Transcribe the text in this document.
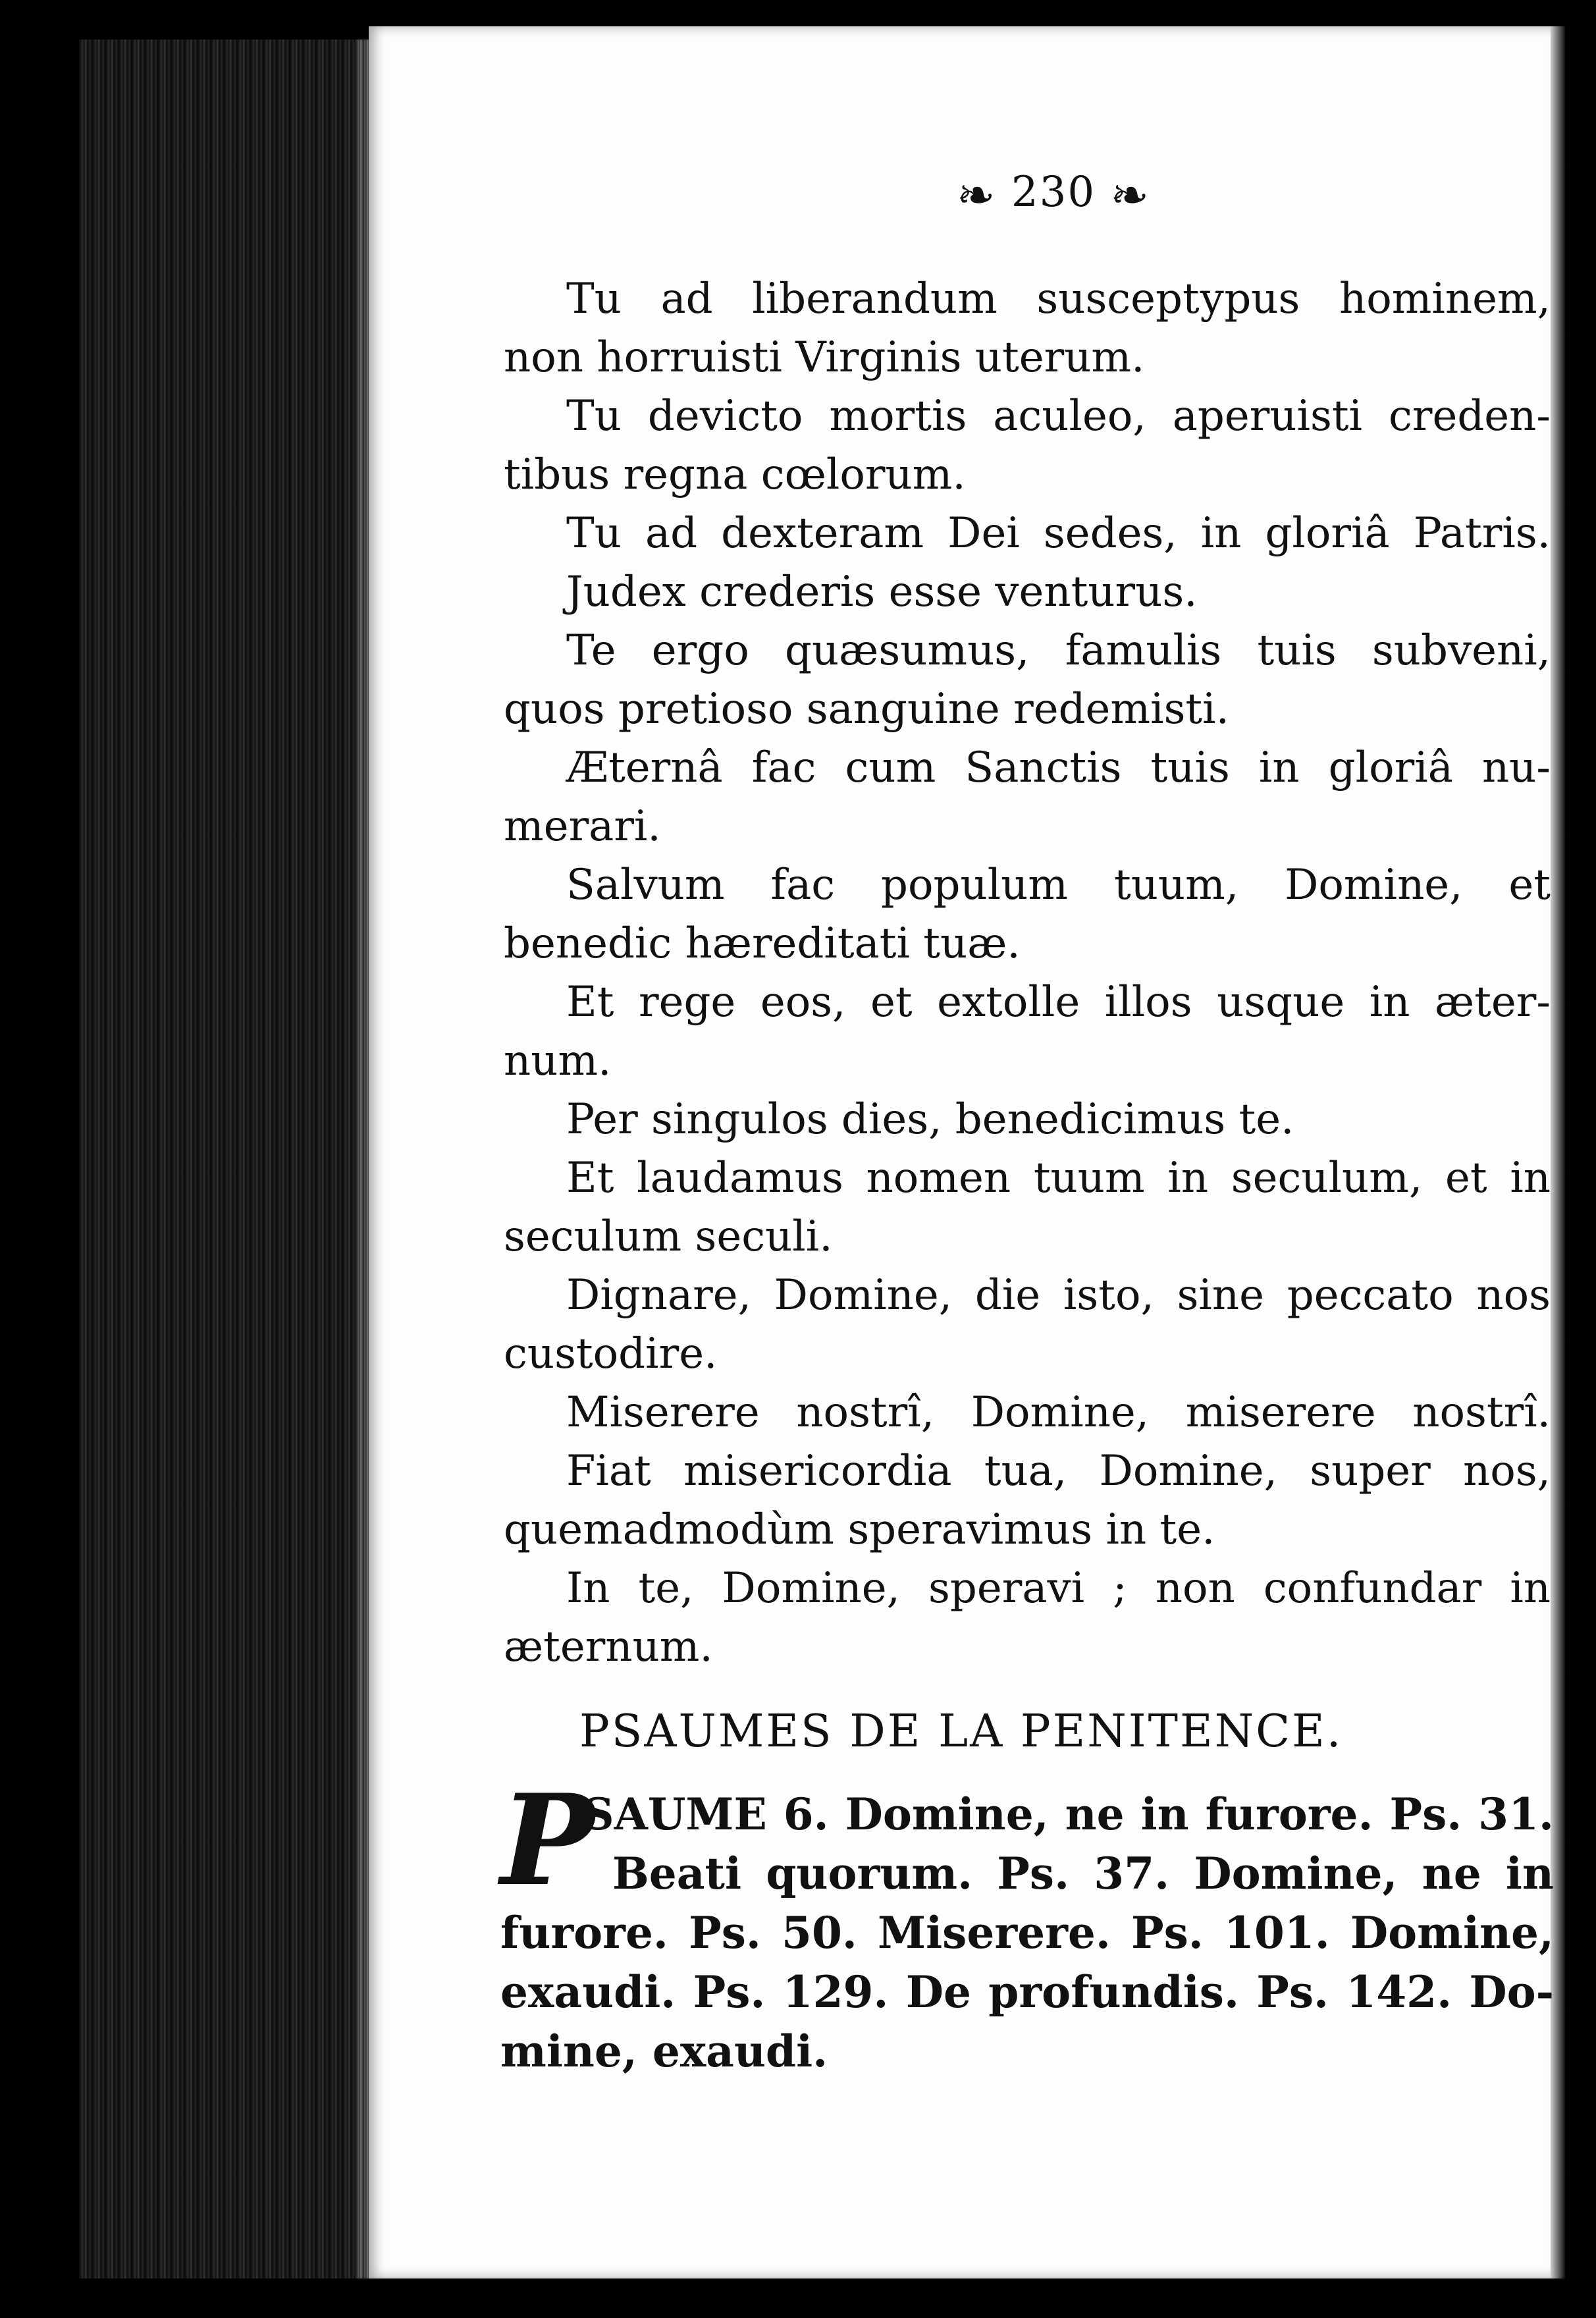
❧ 230 ❧
Tu ad liberandum susceptурus hominem,
non horruisti Virginis uterum.
Tu devicto mortis aculeo, aperuisti creden-
tibus regna cœlorum.
Tu ad dexteram Dei sedes, in gloriâ Patris.
Judex crederis esse venturus.
Te ergo quæsumus, famulis tuis subveni,
quos pretioso sanguine redemisti.
Æternâ fac cum Sanctis tuis in gloriâ nu-
merari.
Salvum fac populum tuum, Domine, et
benedic hæreditati tuæ.
Et rege eos, et extolle illos usque in æter-
num.
Per singulos dies, benedicimus te.
Et laudamus nomen tuum in seculum, et in
seculum seculi.
Dignare, Domine, die isto, sine peccato nos
custodire.
Miserere nostrî, Domine, miserere nostrî.
Fiat misericordia tua, Domine, super nos,
quemadmodùm speravimus in te.
In te, Domine, speravi ; non confundar in
æternum.
PSAUMES DE LA PENITENCE.
P
SAUME 6. Domine, ne in furore. Ps. 31.
Beati quorum. Ps. 37. Domine, ne in
furore. Ps. 50. Miserere. Ps. 101. Domine,
exaudi. Ps. 129. De profundis. Ps. 142. Do-
mine, exaudi.
